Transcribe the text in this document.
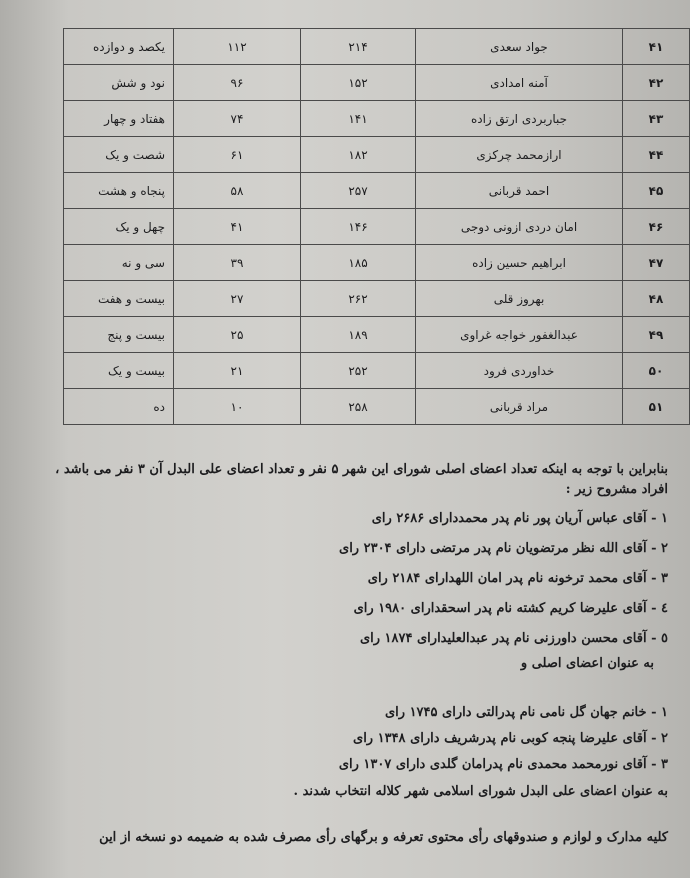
۴۱	جواد سعدی	۲۱۴	۱۱۲	یکصد و دوازده
۴۲	آمنه امدادی	۱۵۲	۹۶	نود و شش
۴۳	جباربردی ارتق زاده	۱۴۱	۷۴	هفتاد و چهار
۴۴	ارازمحمد چرکزی	۱۸۲	۶۱	شصت و یک
۴۵	احمد قربانی	۲۵۷	۵۸	پنجاه و هشت
۴۶	امان دردی ازونی دوجی	۱۴۶	۴۱	چهل و یک
۴۷	ابراهیم حسین زاده	۱۸۵	۳۹	سی و نه
۴۸	بهروز قلی	۲۶۲	۲۷	بیست و هفت
۴۹	عبدالغفور خواجه غراوی	۱۸۹	۲۵	بیست و پنج
۵۰	خداوردی فرود	۲۵۲	۲۱	بیست و یک
۵۱	مراد قربانی	۲۵۸	۱۰	ده

بنابراین با توجه به اینکه تعداد اعضای اصلی شورای این شهر ۵ نفر و تعداد اعضای علی البدل آن ۳ نفر می باشد ، افراد مشروح زیر :

۱ - آقای عباس آریان پور نام پدر محمددارای ۲۶۸۶ رای
۲ - آقای الله نظر مرتضویان نام پدر مرتضی دارای ۲۳۰۴ رای
۳ - آقای محمد ترخونه نام پدر امان اللهدارای ۲۱۸۴ رای
٤ - آقای علیرضا کریم کشته نام پدر اسحقدارای ۱۹۸۰ رای
٥ - آقای محسن داورزنی نام پدر عبدالعلیدارای ۱۸۷۴ رای

به عنوان اعضای اصلی و

۱ - خانم جهان گل نامی نام پدرالتی دارای ۱۷۴۵ رای
۲ - آقای علیرضا پنجه کوبی نام پدرشریف دارای ۱۳۴۸ رای
۳ - آقای نورمحمد محمدی نام پدرامان گلدی دارای ۱۳۰۷ رای

به عنوان اعضای علی البدل شورای اسلامی شهر کلاله انتخاب شدند .

کلیه مدارک و لوازم و صندوقهای رأی محتوی تعرفه و برگهای رأی مصرف شده به ضمیمه دو نسخه از این
